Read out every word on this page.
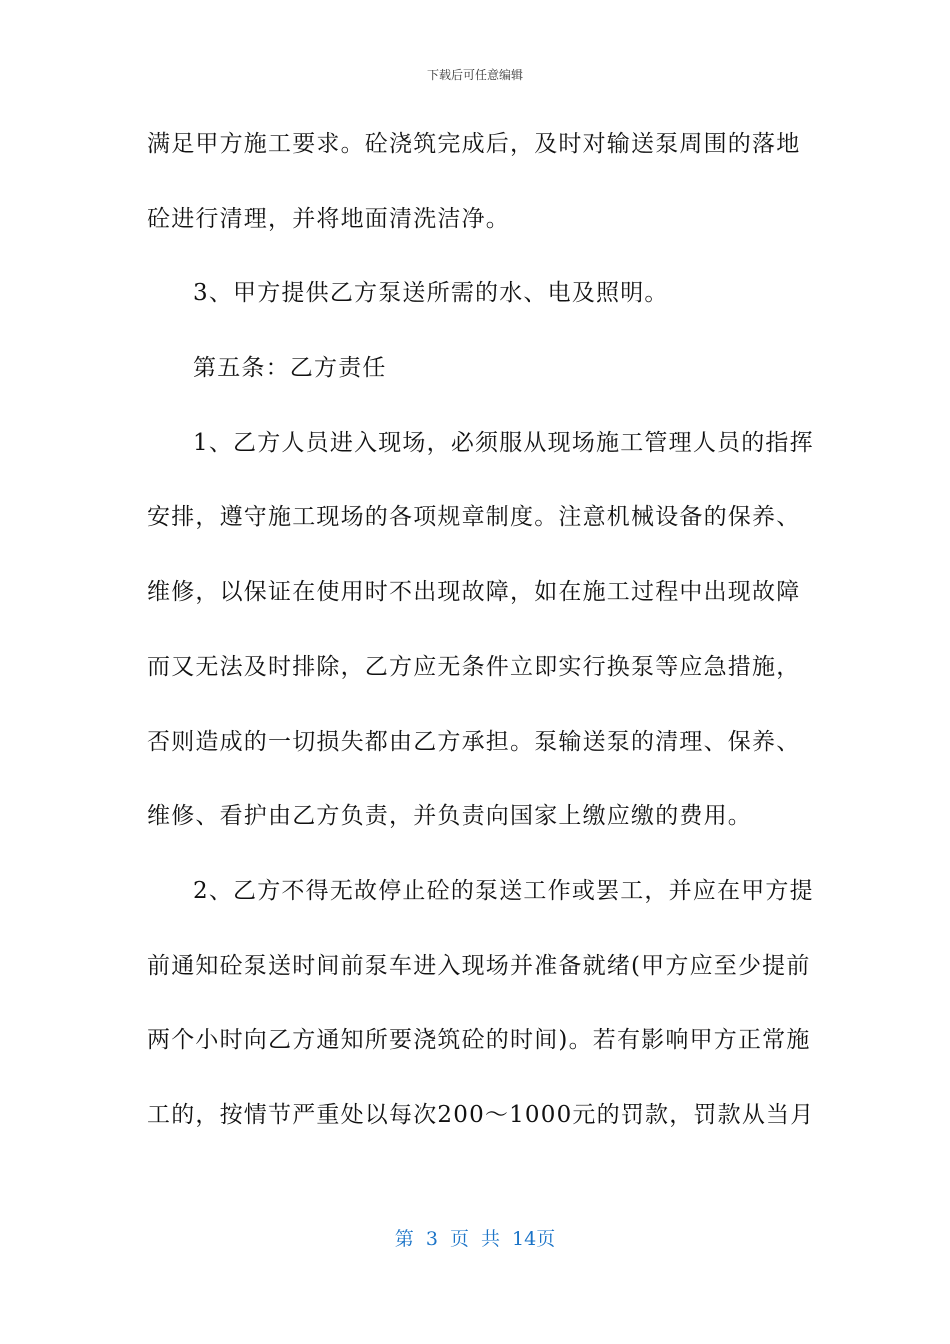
下载后可任意编辑
满足甲方施工要求。砼浇筑完成后，及时对输送泵周围的落地
砼进行清理，并将地面清洗洁净。
3、甲方提供乙方泵送所需的水、电及照明。
第五条：乙方责任
1、乙方人员进入现场，必须服从现场施工管理人员的指挥
安排，遵守施工现场的各项规章制度。注意机械设备的保养、
维修，以保证在使用时不出现故障，如在施工过程中出现故障
而又无法及时排除，乙方应无条件立即实行换泵等应急措施，
否则造成的一切损失都由乙方承担。泵输送泵的清理、保养、
维修、看护由乙方负责，并负责向国家上缴应缴的费用。
2、乙方不得无故停止砼的泵送工作或罢工，并应在甲方提
前通知砼泵送时间前泵车进入现场并准备就绪(甲方应至少提前
两个小时向乙方通知所要浇筑砼的时间)。若有影响甲方正常施
工的，按情节严重处以每次200～1000元的罚款，罚款从当月
第 3 页 共 14页
